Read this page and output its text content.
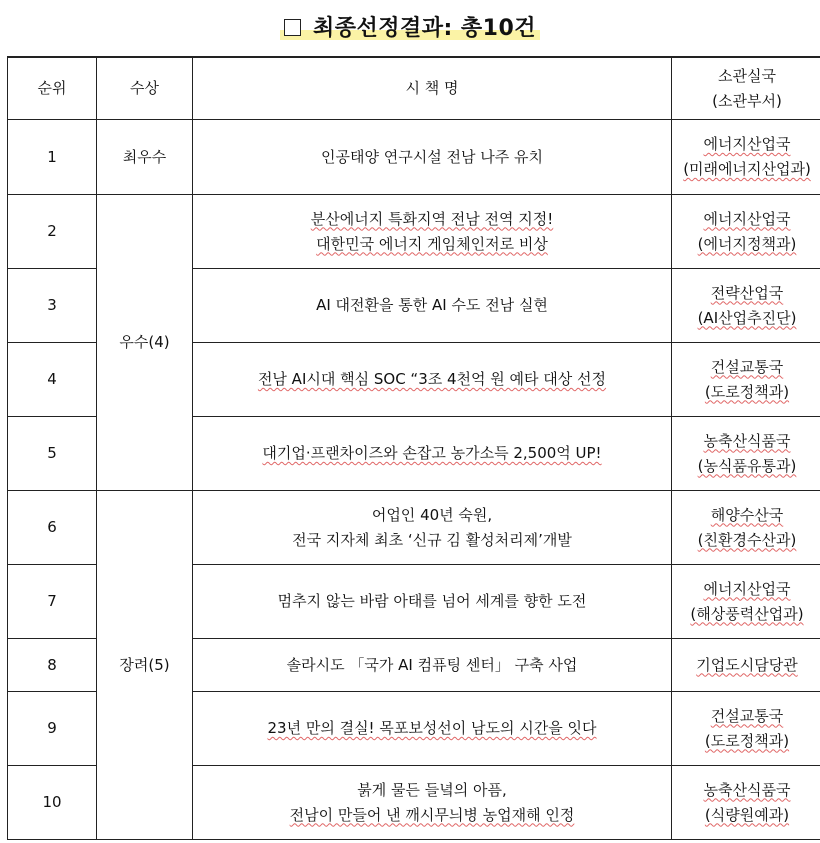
최종선정결과: 총10건
순위	수상	시 책 명	소관실국
(소관부서)	

1	최우수	인공태양 연구시설 전남 나주 유치	에너지산업국
(미래에너지산업과)	

2	우수(4)	분산에너지 특화지역 전남 전역 지정!
대한민국 에너지 게임체인저로 비상	에너지산업국
(에너지정책과)	

3		AI 대전환을 통한 AI 수도 전남 실현	전략산업국
(AI산업추진단)	

4		전남 AI시대 핵심 SOC “3조 4천억 원 예타 대상 선정	건설교통국
(도로정책과)	

5		대기업·프랜차이즈와 손잡고 농가소득 2,500억 UP!	농축산식품국
(농식품유통과)	

6	장려(5)	어업인 40년 숙원,
전국 지자체 최초 ‘신규 김 활성처리제’개발	해양수산국
(친환경수산과)	

7		멈추지 않는 바람 아태를 넘어 세계를 향한 도전	에너지산업국
(해상풍력산업과)	

8		솔라시도 「국가 AI 컴퓨팅 센터」 구축 사업	기업도시담당관	

9		23년 만의 결실! 목포보성선이 남도의 시간을 잇다	건설교통국
(도로정책과)	

10		붉게 물든 들녘의 아픔,
전남이 만들어 낸 깨시무늬병 농업재해 인정	농축산식품국
(식량원예과)	
